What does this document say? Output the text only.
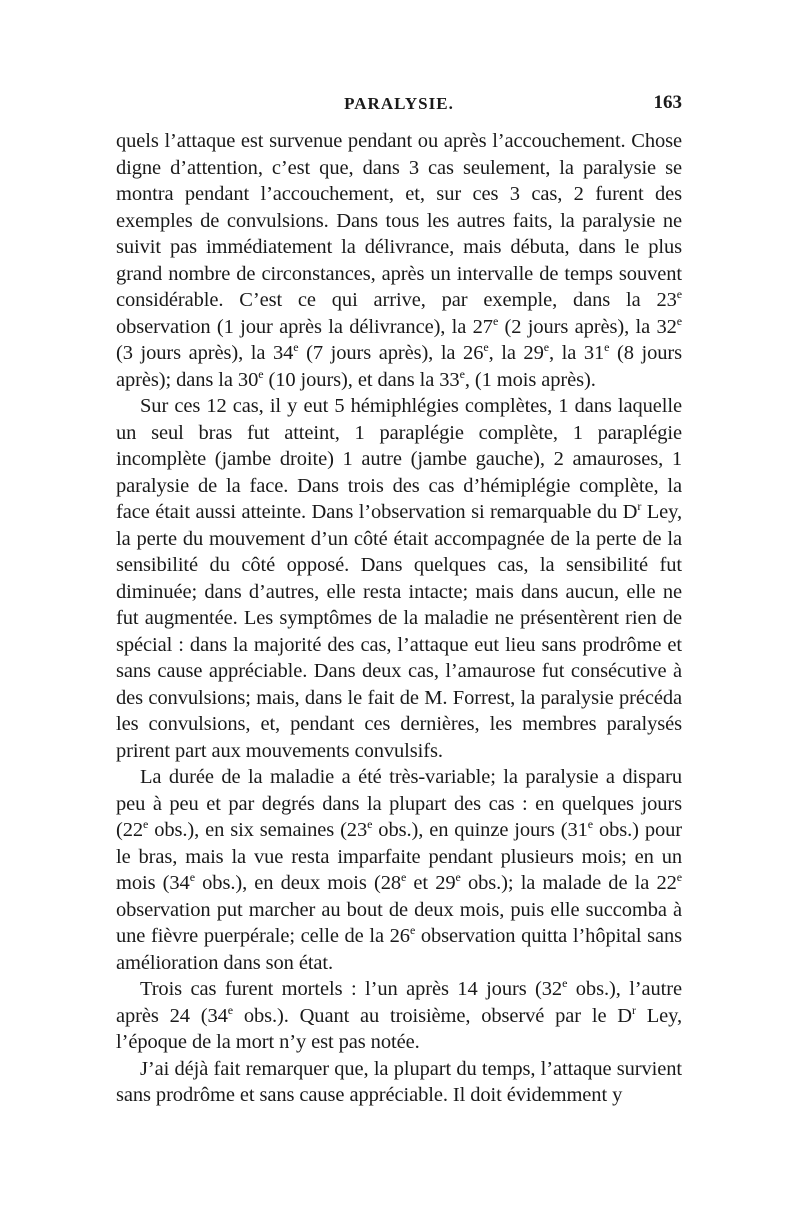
PARALYSIE.	163

quels l’attaque est survenue pendant ou après l’accouchement. Chose digne d’attention, c’est que, dans 3 cas seulement, la paralysie se montra pendant l’accouchement, et, sur ces 3 cas, 2 furent des exemples de convulsions. Dans tous les autres faits, la paralysie ne suivit pas immédiatement la délivrance, mais débuta, dans le plus grand nombre de circonstances, après un intervalle de temps souvent considérable. C’est ce qui arrive, par exemple, dans la 23e observation (1 jour après la délivrance), la 27e (2 jours après), la 32e (3 jours après), la 34e (7 jours après), la 26e, la 29e, la 31e (8 jours après); dans la 30e (10 jours), et dans la 33e, (1 mois après).

Sur ces 12 cas, il y eut 5 hémiphlégies complètes, 1 dans laquelle un seul bras fut atteint, 1 paraplégie complète, 1 paraplégie incomplète (jambe droite) 1 autre (jambe gauche), 2 amauroses, 1 paralysie de la face. Dans trois des cas d’hémiplégie complète, la face était aussi atteinte. Dans l’observation si remarquable du $D^r$ Ley, la perte du mouvement d’un côté était accompagnée de la perte de la sensibilité du côté opposé. Dans quelques cas, la sensibilité fut diminuée; dans d’autres, elle resta intacte; mais dans aucun, elle ne fut augmentée. Les symptômes de la maladie ne présentèrent rien de spécial : dans la majorité des cas, l’attaque eut lieu sans prodrôme et sans cause appréciable. Dans deux cas, l’amaurose fut consécutive à des convulsions; mais, dans le fait de M. Forrest, la paralysie précéda les convulsions, et, pendant ces dernières, les membres paralysés prirent part aux mouvements convulsifs.

La durée de la maladie a été très-variable; la paralysie a disparu peu à peu et par degrés dans la plupart des cas : en quelques jours (22e obs.), en six semaines (23e obs.), en quinze jours (31e obs.) pour le bras, mais la vue resta imparfaite pendant plusieurs mois; en un mois (34e obs.), en deux mois (28e et 29e obs.); la malade de la 22e observation put marcher au bout de deux mois, puis elle succomba à une fièvre puerpérale; celle de la 26e observation quitta l’hôpital sans amélioration dans son état.

Trois cas furent mortels : l’un après 14 jours (32e obs.), l’autre après 24 (34e obs.). Quant au troisième, observé par le $D^r$ Ley, l’époque de la mort n’y est pas notée.

J’ai déjà fait remarquer que, la plupart du temps, l’attaque survient sans prodrôme et sans cause appréciable. Il doit évidemment y
